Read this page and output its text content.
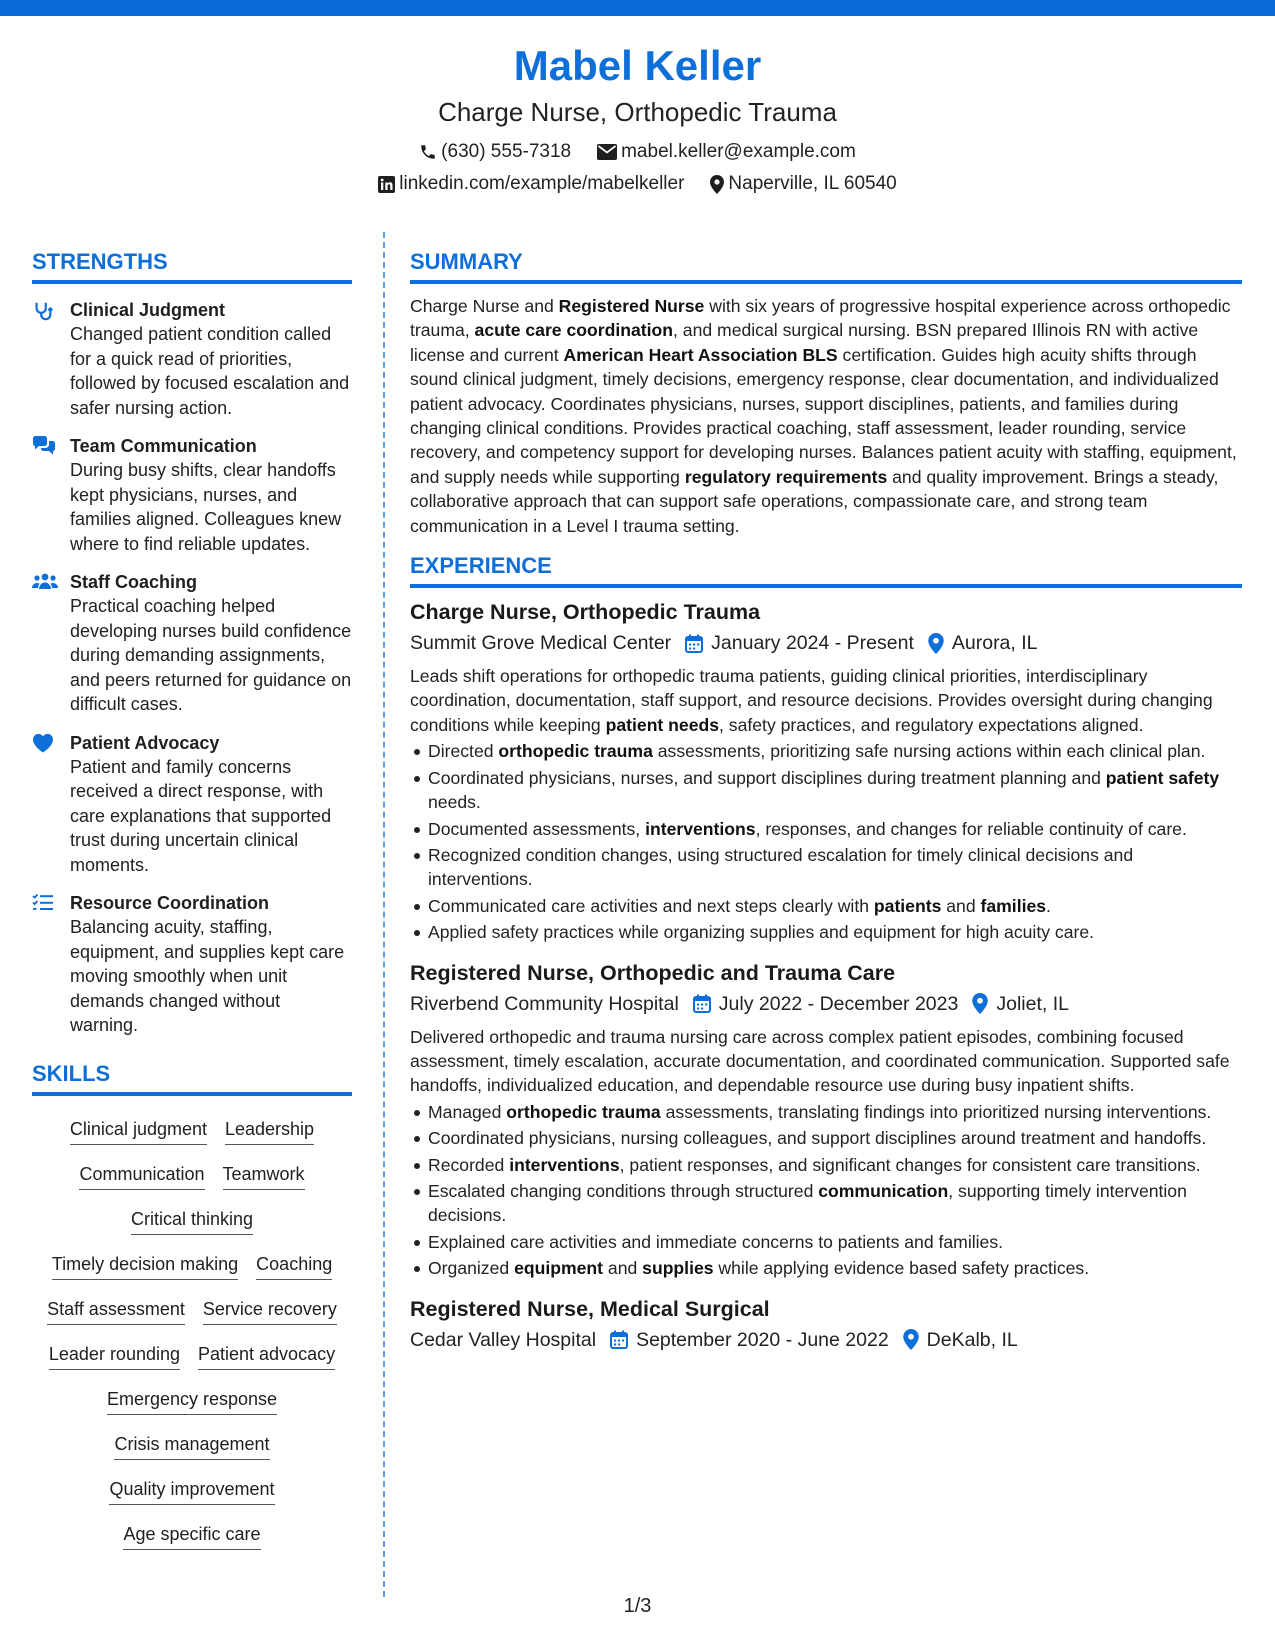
Mabel Keller
Charge Nurse, Orthopedic Trauma
(630) 555-7318	mabel.keller@example.com
linkedin.com/example/mabelkeller Naperville, IL 60540
STRENGTHS
Clinical Judgment
Changed patient condition called for a quick read of priorities, followed by focused escalation and safer nursing action.
Team Communication
During busy shifts, clear handoffs kept physicians, nurses, and families aligned. Colleagues knew where to find reliable updates.
Staff Coaching
Practical coaching helped developing nurses build confidence during demanding assignments, and peers returned for guidance on difficult cases.
Patient Advocacy
Patient and family concerns received a direct response, with care explanations that supported trust during uncertain clinical moments.
Resource Coordination
Balancing acuity, staffing, equipment, and supplies kept care moving smoothly when unit demands changed without warning.
SKILLS
Clinical judgment Leadership
Communication Teamwork
Critical thinking
Timely decision making Coaching
Staff assessment Service recovery
Leader rounding Patient advocacy
Emergency response
Crisis management
Quality improvement
Age specific care
SUMMARY
Charge Nurse and Registered Nurse with six years of progressive hospital experience across orthopedic trauma, acute care coordination, and medical surgical nursing. BSN prepared Illinois RN with active license and current American Heart Association BLS certification. Guides high acuity shifts through sound clinical judgment, timely decisions, emergency response, clear documentation, and individualized patient advocacy. Coordinates physicians, nurses, support disciplines, patients, and families during changing clinical conditions. Provides practical coaching, staff assessment, leader rounding, service recovery, and competency support for developing nurses. Balances patient acuity with staffing, equipment, and supply needs while supporting regulatory requirements and quality improvement. Brings a steady, collaborative approach that can support safe operations, compassionate care, and strong team communication in a Level I trauma setting.
EXPERIENCE
Charge Nurse, Orthopedic Trauma
Summit Grove Medical Center January 2024 - Present Aurora, IL
Leads shift operations for orthopedic trauma patients, guiding clinical priorities, interdisciplinary coordination, documentation, staff support, and resource decisions. Provides oversight during changing conditions while keeping patient needs, safety practices, and regulatory expectations aligned.
Directed orthopedic trauma assessments, prioritizing safe nursing actions within each clinical plan.
Coordinated physicians, nurses, and support disciplines during treatment planning and patient safety needs.
Documented assessments, interventions, responses, and changes for reliable continuity of care.
Recognized condition changes, using structured escalation for timely clinical decisions and interventions.
Communicated care activities and next steps clearly with patients and families.
Applied safety practices while organizing supplies and equipment for high acuity care.
Registered Nurse, Orthopedic and Trauma Care
Riverbend Community Hospital July 2022 - December 2023 Joliet, IL
Delivered orthopedic and trauma nursing care across complex patient episodes, combining focused assessment, timely escalation, accurate documentation, and coordinated communication. Supported safe handoffs, individualized education, and dependable resource use during busy inpatient shifts.
Managed orthopedic trauma assessments, translating findings into prioritized nursing interventions.
Coordinated physicians, nursing colleagues, and support disciplines around treatment and handoffs.
Recorded interventions, patient responses, and significant changes for consistent care transitions.
Escalated changing conditions through structured communication, supporting timely intervention decisions.
Explained care activities and immediate concerns to patients and families.
Organized equipment and supplies while applying evidence based safety practices.
Registered Nurse, Medical Surgical
Cedar Valley Hospital September 2020 - June 2022 DeKalb, IL
1/3
